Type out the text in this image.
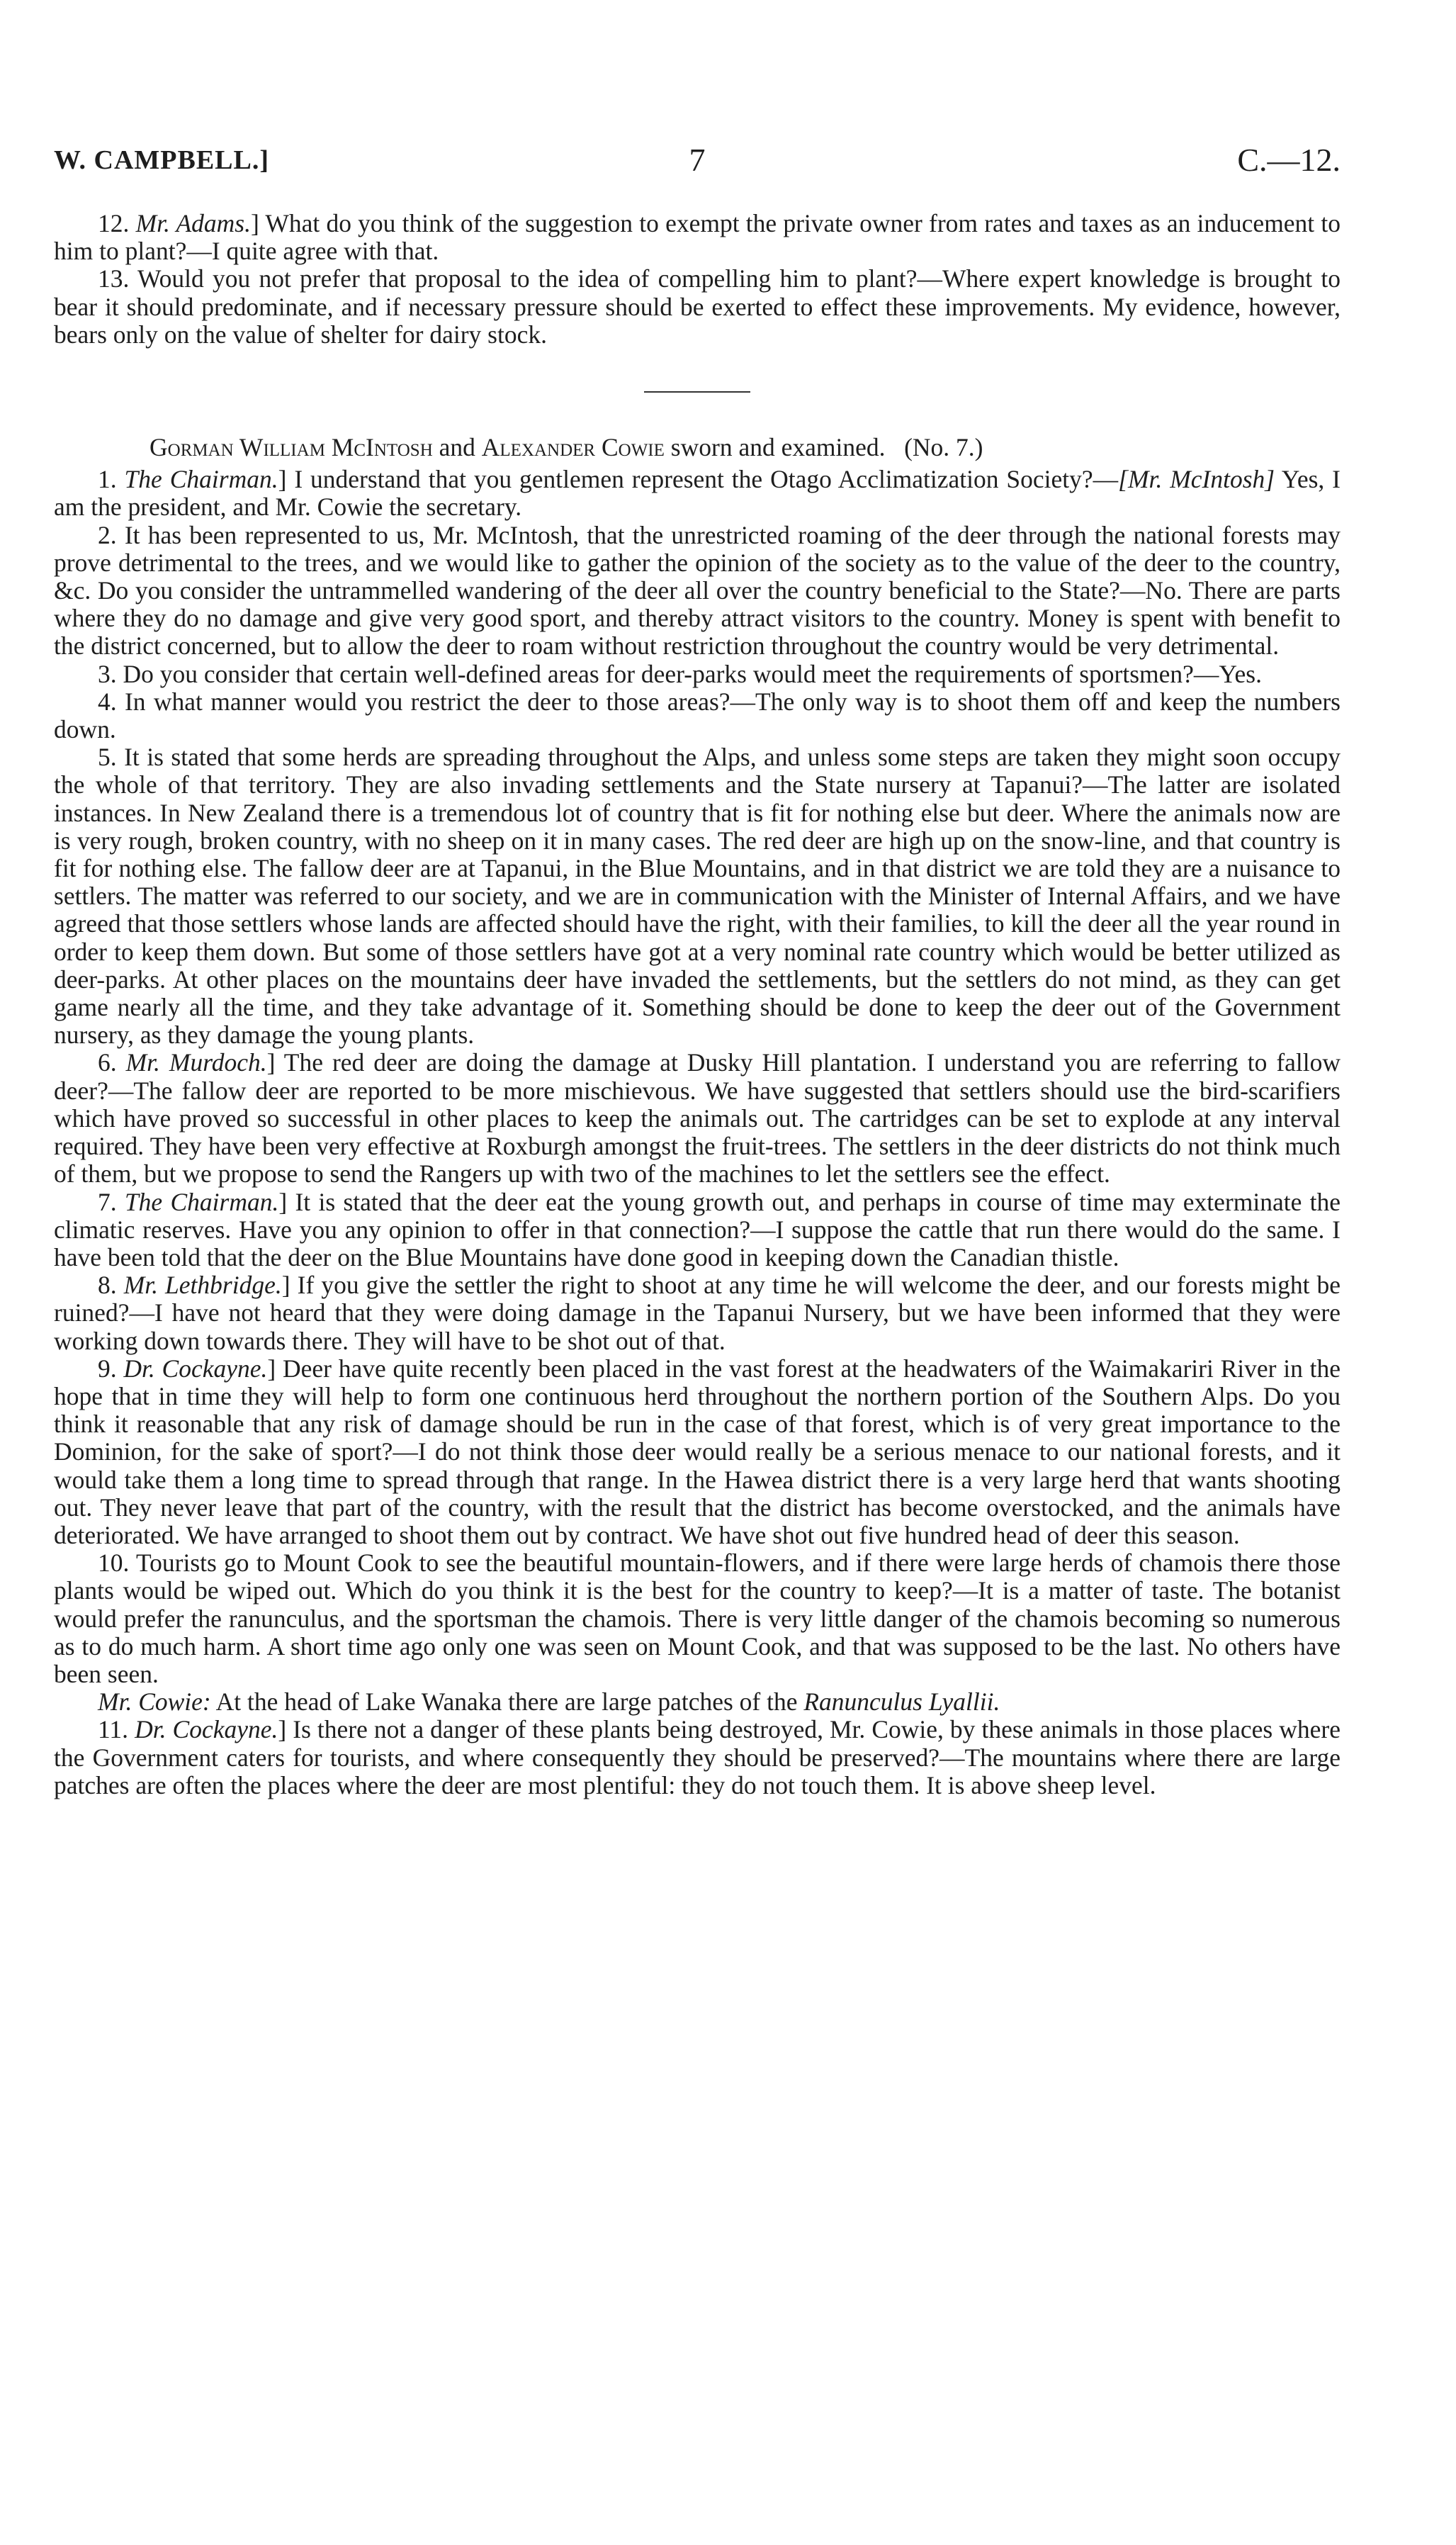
W. CAMPBELL.]	7	C.—12.

12. Mr. Adams.] What do you think of the suggestion to exempt the private owner from rates and taxes as an inducement to him to plant?—I quite agree with that.

13. Would you not prefer that proposal to the idea of compelling him to plant?—Where expert knowledge is brought to bear it should predominate, and if necessary pressure should be exerted to effect these improvements. My evidence, however, bears only on the value of shelter for dairy stock.

Gorman William McIntosh and Alexander Cowie sworn and examined. (No. 7.)

1. The Chairman.] I understand that you gentlemen represent the Otago Acclimatization Society?—[Mr. McIntosh] Yes, I am the president, and Mr. Cowie the secretary.

2. It has been represented to us, Mr. McIntosh, that the unrestricted roaming of the deer through the national forests may prove detrimental to the trees, and we would like to gather the opinion of the society as to the value of the deer to the country, &c. Do you consider the untrammelled wandering of the deer all over the country beneficial to the State?—No. There are parts where they do no damage and give very good sport, and thereby attract visitors to the country. Money is spent with benefit to the district concerned, but to allow the deer to roam without restriction throughout the country would be very detrimental.

3. Do you consider that certain well-defined areas for deer-parks would meet the requirements of sportsmen?—Yes.

4. In what manner would you restrict the deer to those areas?—The only way is to shoot them off and keep the numbers down.

5. It is stated that some herds are spreading throughout the Alps, and unless some steps are taken they might soon occupy the whole of that territory. They are also invading settlements and the State nursery at Tapanui?—The latter are isolated instances. In New Zealand there is a tremendous lot of country that is fit for nothing else but deer. Where the animals now are is very rough, broken country, with no sheep on it in many cases. The red deer are high up on the snow-line, and that country is fit for nothing else. The fallow deer are at Tapanui, in the Blue Mountains, and in that district we are told they are a nuisance to settlers. The matter was referred to our society, and we are in communication with the Minister of Internal Affairs, and we have agreed that those settlers whose lands are affected should have the right, with their families, to kill the deer all the year round in order to keep them down. But some of those settlers have got at a very nominal rate country which would be better utilized as deer-parks. At other places on the mountains deer have invaded the settlements, but the settlers do not mind, as they can get game nearly all the time, and they take advantage of it. Something should be done to keep the deer out of the Government nursery, as they damage the young plants.

6. Mr. Murdoch.] The red deer are doing the damage at Dusky Hill plantation. I understand you are referring to fallow deer?—The fallow deer are reported to be more mischievous. We have suggested that settlers should use the bird-scarifiers which have proved so successful in other places to keep the animals out. The cartridges can be set to explode at any interval required. They have been very effective at Roxburgh amongst the fruit-trees. The settlers in the deer districts do not think much of them, but we propose to send the Rangers up with two of the machines to let the settlers see the effect.

7. The Chairman.] It is stated that the deer eat the young growth out, and perhaps in course of time may exterminate the climatic reserves. Have you any opinion to offer in that connection?—I suppose the cattle that run there would do the same. I have been told that the deer on the Blue Mountains have done good in keeping down the Canadian thistle.

8. Mr. Lethbridge.] If you give the settler the right to shoot at any time he will welcome the deer, and our forests might be ruined?—I have not heard that they were doing damage in the Tapanui Nursery, but we have been informed that they were working down towards there. They will have to be shot out of that.

9. Dr. Cockayne.] Deer have quite recently been placed in the vast forest at the headwaters of the Waimakariri River in the hope that in time they will help to form one continuous herd throughout the northern portion of the Southern Alps. Do you think it reasonable that any risk of damage should be run in the case of that forest, which is of very great importance to the Dominion, for the sake of sport?—I do not think those deer would really be a serious menace to our national forests, and it would take them a long time to spread through that range. In the Hawea district there is a very large herd that wants shooting out. They never leave that part of the country, with the result that the district has become overstocked, and the animals have deteriorated. We have arranged to shoot them out by contract. We have shot out five hundred head of deer this season.

10. Tourists go to Mount Cook to see the beautiful mountain-flowers, and if there were large herds of chamois there those plants would be wiped out. Which do you think it is the best for the country to keep?—It is a matter of taste. The botanist would prefer the ranunculus, and the sportsman the chamois. There is very little danger of the chamois becoming so numerous as to do much harm. A short time ago only one was seen on Mount Cook, and that was supposed to be the last. No others have been seen.

Mr. Cowie: At the head of Lake Wanaka there are large patches of the Ranunculus Lyallii.

11. Dr. Cockayne.] Is there not a danger of these plants being destroyed, Mr. Cowie, by these animals in those places where the Government caters for tourists, and where consequently they should be preserved?—The mountains where there are large patches are often the places where the deer are most plentiful: they do not touch them. It is above sheep level.
